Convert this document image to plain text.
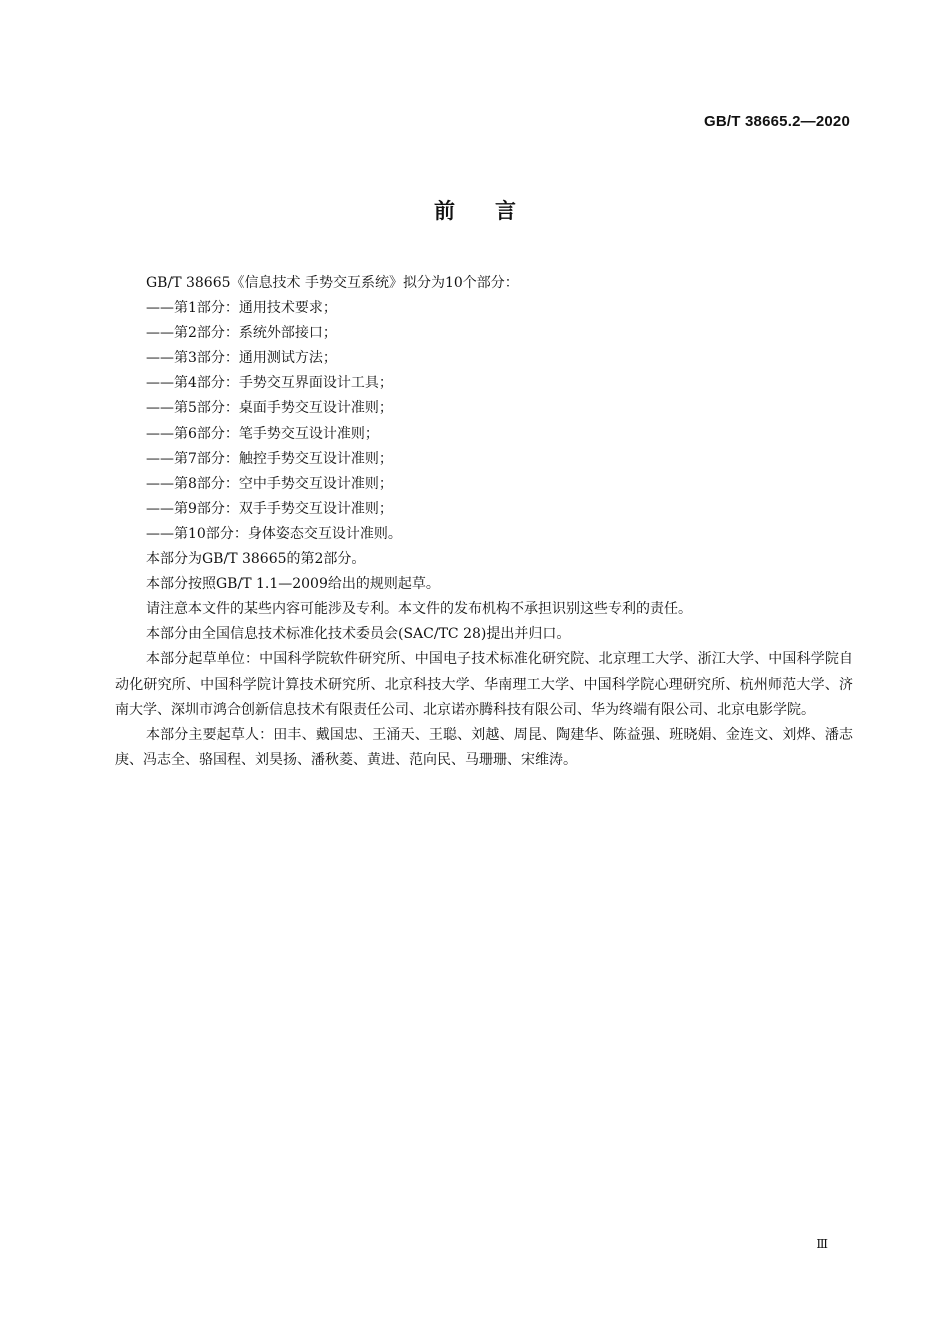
GB/T 38665.2—2020
前言

GB/T 38665《信息技术 手势交互系统》拟分为10个部分：

——第1部分：通用技术要求；

——第2部分：系统外部接口；

——第3部分：通用测试方法；

——第4部分：手势交互界面设计工具；

——第5部分：桌面手势交互设计准则；

——第6部分：笔手势交互设计准则；

——第7部分：触控手势交互设计准则；

——第8部分：空中手势交互设计准则；

——第9部分：双手手势交互设计准则；

——第10部分：身体姿态交互设计准则。

本部分为GB/T 38665的第2部分。

本部分按照GB/T 1.1—2009给出的规则起草。

请注意本文件的某些内容可能涉及专利。本文件的发布机构不承担识别这些专利的责任。

本部分由全国信息技术标准化技术委员会(SAC/TC 28)提出并归口。

本部分起草单位：中国科学院软件研究所、中国电子技术标准化研究院、北京理工大学、浙江大学、中国科学院自动化研究所、中国科学院计算技术研究所、北京科技大学、华南理工大学、中国科学院心理研究所、杭州师范大学、济南大学、深圳市鸿合创新信息技术有限责任公司、北京诺亦腾科技有限公司、华为终端有限公司、北京电影学院。

本部分主要起草人：田丰、戴国忠、王涌天、王聪、刘越、周昆、陶建华、陈益强、班晓娟、金连文、刘烨、潘志庚、冯志全、骆国程、刘昊扬、潘秋菱、黄进、范向民、马珊珊、宋维涛。

Ⅲ
